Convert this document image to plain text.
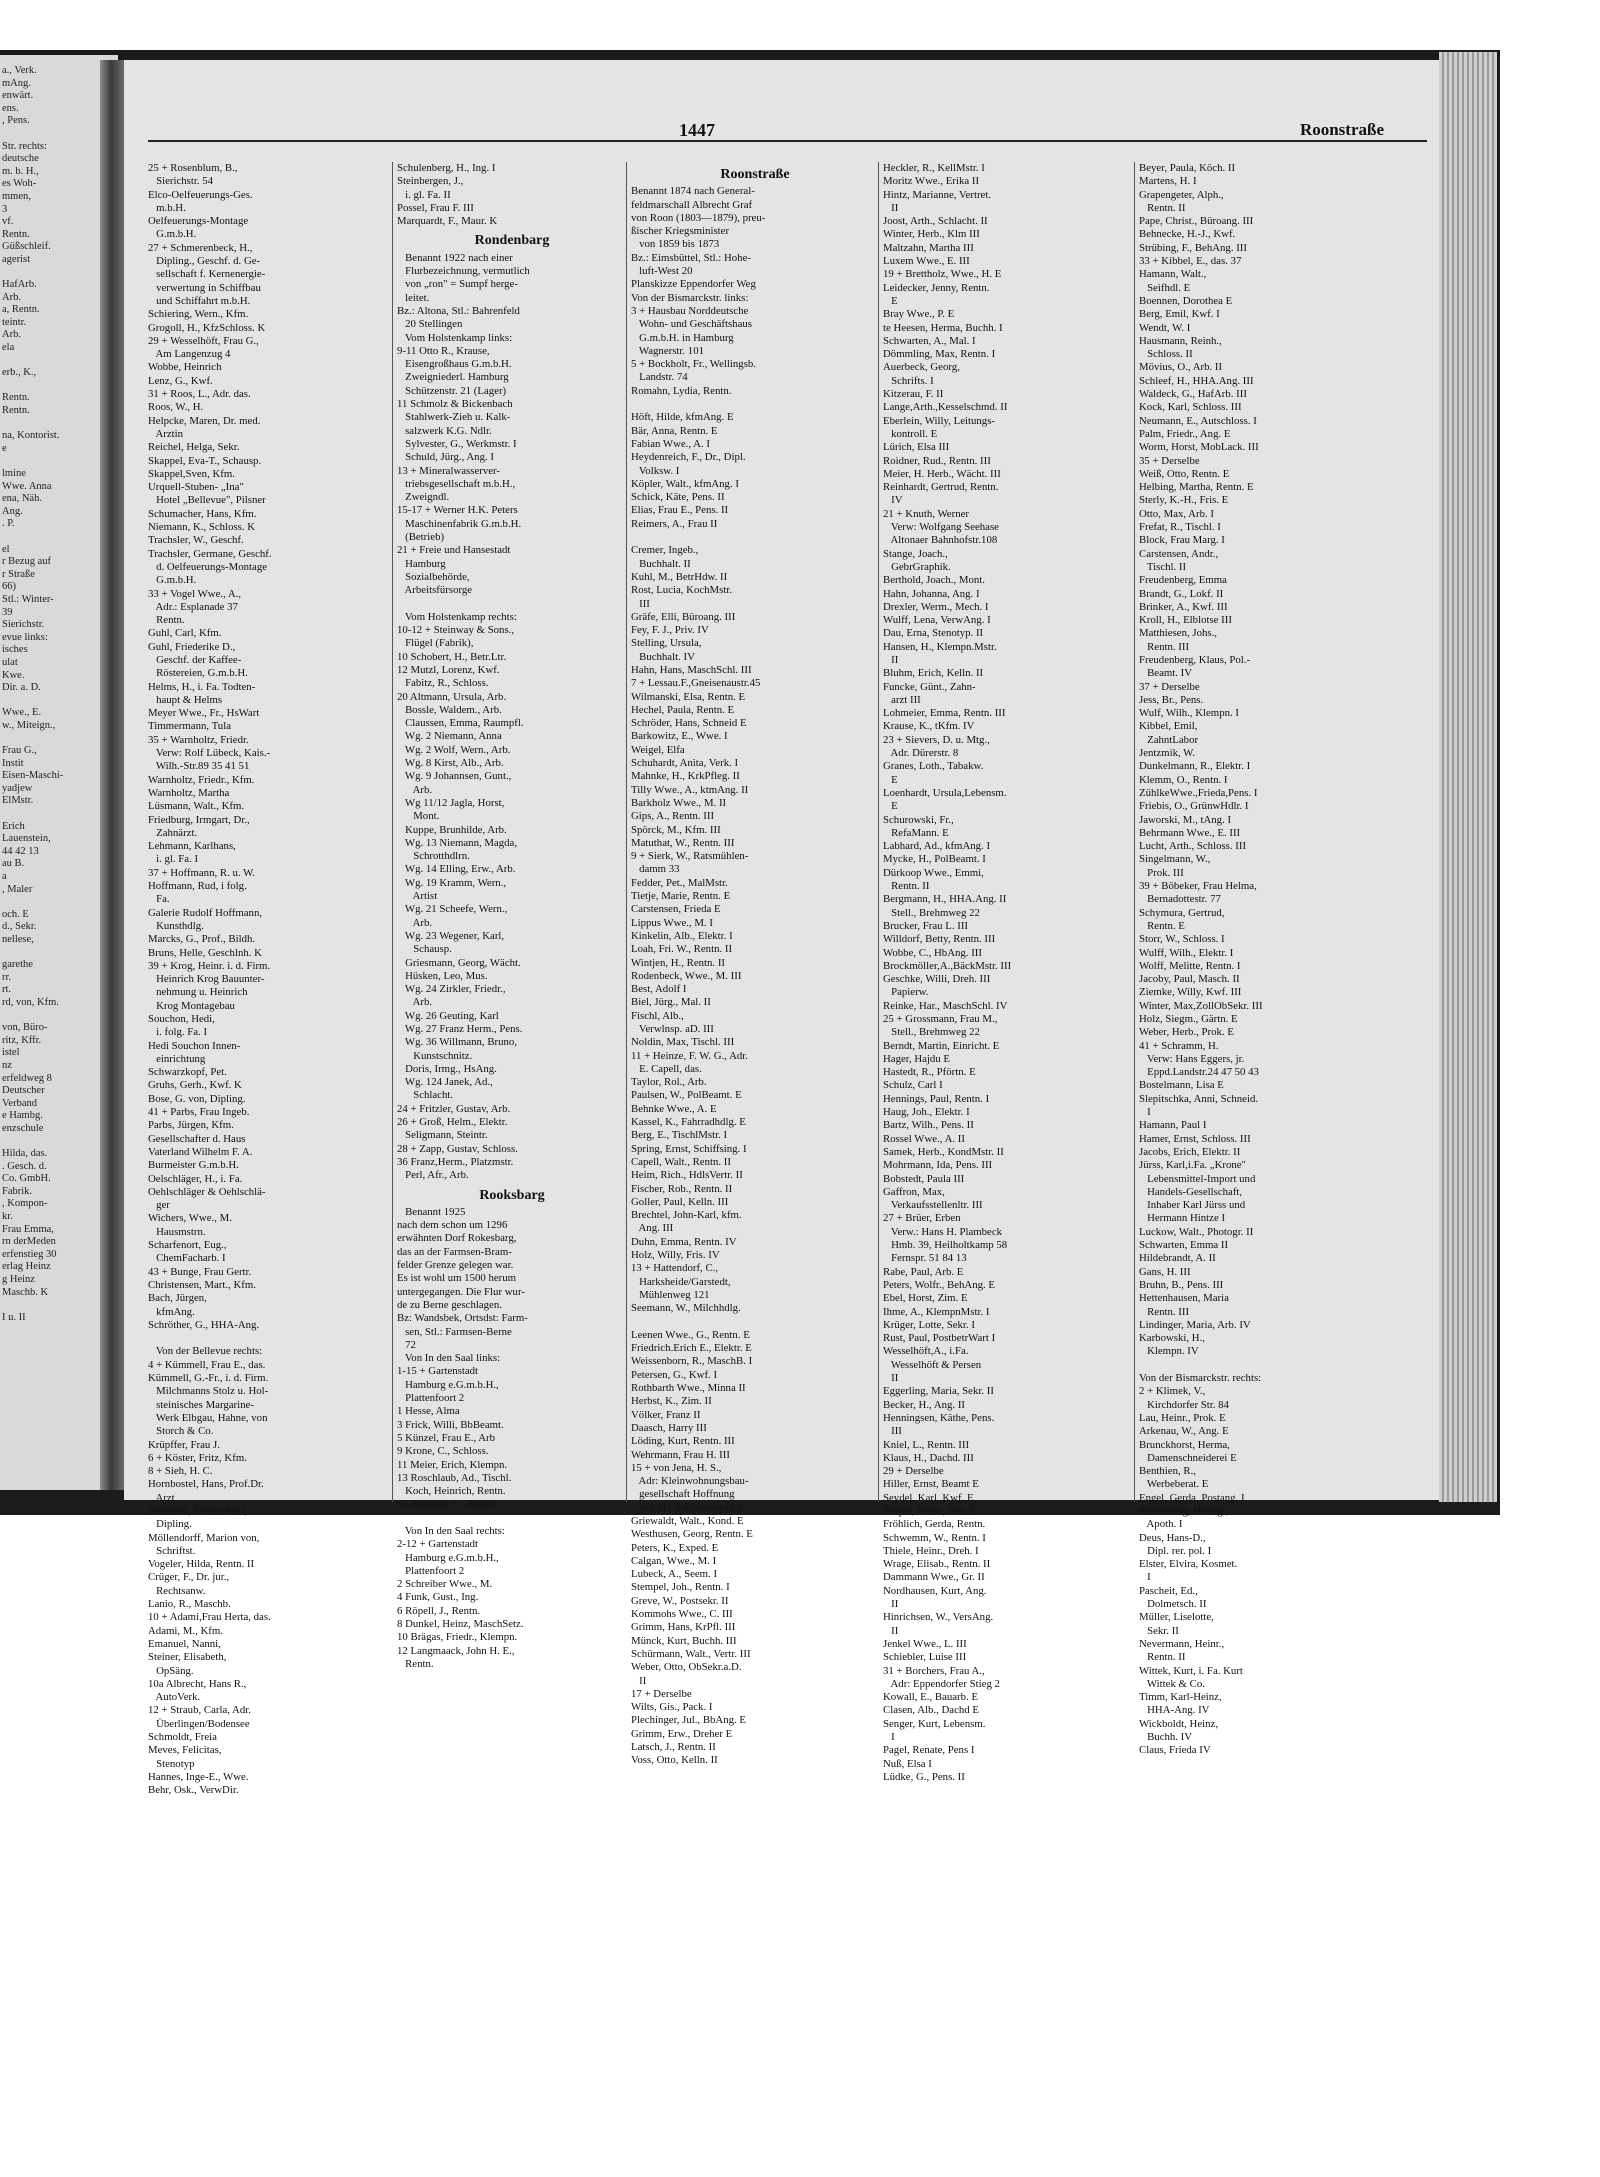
a., Verk.
mAng.
enwärt.
ens.
, Pens.

Str. rechts:
deutsche
m. b. H.,
es Woh-
mmen,
3
vf.
Rentn.
Güßschleif.
agerist

HafArb.
Arb.
a, Rentn.
teintr.
Arb.
ela

erb., K.,

Rentn.
Rentn.

na, Kontorist.
e

lmine
Wwe. Anna
ena, Näh.
Ang.
. P.

el
r Bezug auf
r Straße
66)
Stl.: Winter-
39
Sierichstr.
evue links:
isches
ulat
Kwe.
Dir. a. D.

Wwe., E.
w., Miteign.,

Frau G.,
Instit
Eisen-Maschi-
yadjew
ElMstr.

Erich
Lauenstein,
44 42 13
au B.
a
, Maler

och. E
d., Sekr.
nellese,

garethe
rr.
rt.
rd, von, Kfm.

von, Büro-
ritz, Kffr.
istel
nz
erfeldweg 8
Deutscher
Verband
e Hambg.
enzschule

Hilda, das.
. Gesch. d.
Co. GmbH.
Fabrik.
, Kompon-
kr.
Frau Emma,
rn derMeden
erfenstieg 30
erlag Heinz
g Heinz
Maschb. K

I u. II
1447	Roonstraße
25 + Rosenblum, B.,
Sierichstr. 54
Elco-Oelfeuerungs-Ges.
m.b.H.
Oelfeuerungs-Montage
G.m.b.H.
27 + Schmerenbeck, H.,
Dipling., Geschf. d. Ge-
sellschaft f. Kernenergie-
verwertung in Schiffbau
und Schiffahrt m.b.H.
Schiering, Wern., Kfm.
Grogoll, H., KfzSchloss. K
29 + Wesselhöft, Frau G.,
Am Langenzug 4
Wobbe, Heinrich
Lenz, G., Kwf.
31 + Roos, L., Adr. das.
Roos, W., H.
Helpcke, Maren, Dr. med.
Arztin
Reichel, Helga, Sekr.
Skappel, Eva-T., Schausp.
Skappel,Sven, Kfm.
Urquell-Stuben- „Ina"
Hotel „Bellevue", Pilsner
Schumacher, Hans, Kfm.
Niemann, K., Schloss. K
Trachsler, W., Geschf.
Trachsler, Germane, Geschf.
d. Oelfeuerungs-Montage
G.m.b.H.
33 + Vogel Wwe., A.,
Adr.: Esplanade 37
Rentn.
Guhl, Carl, Kfm.
Guhl, Friederike D.,
Geschf. der Kaffee-
Röstereien, G.m.b.H.
Helms, H., i. Fa. Todten-
haupt & Helms
Meyer Wwe., Fr., HsWart
Timmermann, Tula
35 + Warnholtz, Friedr.
Verw: Rolf Lübeck, Kais.-
Wilh.-Str.89 35 41 51
Warnholtz, Friedr., Kfm.
Warnholtz, Martha
Lüsmann, Walt., Kfm.
Friedburg, Irmgart, Dr.,
Zahnärzt.
Lehmann, Karlhans,
i. gl. Fa. I
37 + Hoffmann, R. u. W.
Hoffmann, Rud, i folg.
Fa.
Galerie Rudolf Hoffmann,
Kunsthdlg.
Marcks, G., Prof., Bildh.
Bruns, Helle, Geschlnh. K
39 + Krog, Heinr. i. d. Firm.
Heinrich Krog Bauunter-
nehmung u. Heinrich
Krog Montagebau
Souchon, Hedi,
i. folg. Fa. I
Hedi Souchon Innen-
einrichtung
Schwarzkopf, Pet.
Gruhs, Gerh., Kwf. K
Bose, G. von, Dipling.
41 + Parbs, Frau Ingeb.
Parbs, Jürgen, Kfm.
Gesellschafter d. Haus
Vaterland Wilhelm F. A.
Burmeister G.m.b.H.
Oelschläger, H., i. Fa.
Oehlschläger & Oehlschlä-
ger
Wichers, Wwe., M.
Hausmstrn.
Scharfenort, Eug.,
ChemFacharb. I
43 + Bunge, Frau Gertr.
Christensen, Mart., Kfm.
Bach, Jürgen,
kfmAng.
Schröther, G., HHA-Ang.

Von der Bellevue rechts:
4 + Kümmell, Frau E., das.
Kümmell, G.-Fr., i. d. Firm.
Milchmanns Stolz u. Hol-
steinisches Margarine-
Werk Elbgau, Hahne, von
Storch & Co.
Krüpffer, Frau J.
6 + Köster, Fritz, Kfm.
8 + Sieh, H. C.
Hornbostel, Hans, Prof.Dr.
Arzt
Scheibitz, Friedr.-Karl,
Dipling.
Möllendorff, Marion von,
Schriftst.
Vogeler, Hilda, Rentn. II
Crüger, F., Dr. jur.,
Rechtsanw.
Lanio, R., Maschb.
10 + Adami,Frau Herta, das.
Adami, M., Kfm.
Emanuel, Nanni,
Steiner, Elisabeth,
OpSäng.
10a Albrecht, Hans R.,
AutoVerk.
12 + Straub, Carla, Adr.
Überlingen/Bodensee
Schmoldt, Freia
Meves, Felicitas,
Stenotyp
Hannes, Inge-E., Wwe.
Behr, Osk., VerwDir.
Schulenberg, H., Ing. I
Steinbergen, J.,
i. gl. Fa. II
Possel, Frau F. III
Marquardt, F., Maur. K

Rondenbarg
Benannt 1922 nach einer
Flurbezeichnung, vermutlich
von „ron" = Sumpf herge-
leitet.
Bz.: Altona, Stl.: Bahrenfeld
20 Stellingen
Vom Holstenkamp links:
9-11 Otto R., Krause,
Eisengroßhaus G.m.b.H.
Zweigniederl. Hamburg
Schützenstr. 21 (Lager)
11 Schmolz & Bickenbach
Stahlwerk-Zieh u. Kalk-
salzwerk K.G. Ndlr.
Sylvester, G., Werkmstr. I
Schuld, Jürg., Ang. I
13 + Mineralwasserver-
triebsgesellschaft m.b.H.,
Zweigndl.
15-17 + Werner H.K. Peters
Maschinenfabrik G.m.b.H.
(Betrieb)
21 + Freie und Hansestadt
Hamburg
Sozialbehörde,
Arbeitsfürsorge

Vom Holstenkamp rechts:
10-12 + Steinway & Sons.,
Flügel (Fabrik),
10 Schobert, H., Betr.Ltr.
12 Mutzl, Lorenz, Kwf.
Fabitz, R., Schloss.
20 Altmann, Ursula, Arb.
Bossle, Waldem., Arb.
Claussen, Emma, Raumpfl.
Wg. 2 Niemann, Anna
Wg. 2 Wolf, Wern., Arb.
Wg. 8 Kirst, Alb., Arb.
Wg. 9 Johannsen, Gunt.,
Arb.
Wg 11/12 Jagla, Horst,
Mont.
Kuppe, Brunhilde, Arb.
Wg. 13 Niemann, Magda,
Schrotthdlrn.
Wg. 14 Elling, Erw., Arb.
Wg. 19 Kramm, Wern.,
Artist
Wg. 21 Scheefe, Wern.,
Arb.
Wg. 23 Wegener, Karl,
Schausp.
Griesmann, Georg, Wächt.
Hüsken, Leo, Mus.
Wg. 24 Zirkler, Friedr.,
Arb.
Wg. 26 Geuting, Karl
Wg. 27 Franz Herm., Pens.
Wg. 36 Willmann, Bruno,
Kunstschnitz.
Doris, Irmg., HsAng.
Wg. 124 Janek, Ad.,
Schlacht.
24 + Fritzler, Gustav, Arb.
26 + Groß, Helm., Elektr.
Seligmann, Steintr.
28 + Zapp, Gustav, Schloss.
36 Franz,Herm., Platzmstr.
Perl, Afr., Arb.

Rooksbarg
Benannt 1925
nach dem schon um 1296
erwähnten Dorf Rokesbarg,
das an der Farmsen-Bram-
felder Grenze gelegen war.
Es ist wohl um 1500 herum
untergegangen. Die Flur wur-
de zu Berne geschlagen.
Bz: Wandsbek, Ortsdst: Farm-
sen, Stl.: Farmsen-Berne
72
Von In den Saal links:
1-15 + Gartenstadt
Hamburg e.G.m.b.H.,
Plattenfoort 2
1 Hesse, Alma
3 Frick, Willi, BbBeamt.
5 Künzel, Frau E., Arb
9 Krone, C., Schloss.
11 Meier, Erich, Klempn.
13 Roschlaub, Ad., Tischl.
Koch, Heinrich, Rentn.
15 Reichelt, E., Rentn.

Von In den Saal rechts:
2-12 + Gartenstadt
Hamburg e.G.m.b.H.,
Plattenfoort 2
2 Schreiber Wwe., M.
4 Funk, Gust., Ing.
6 Röpell, J., Rentn.
8 Dunkel, Heinz, MaschSetz.
10 Brägas, Friedr., Klempn.
12 Langmaack, John H. E.,
Rentn.
Roonstraße
Benannt 1874 nach General-
feldmarschall Albrecht Graf
von Roon (1803—1879), preu-
ßischer Kriegsminister
von 1859 bis 1873
Bz.: Eimsbüttel, Stl.: Hohe-
luft-West 20
Planskizze Eppendorfer Weg
Von der Bismarckstr. links:
3 + Hausbau Norddeutsche
Wohn- und Geschäftshaus
G.m.b.H. in Hamburg
Wagnerstr. 101
5 + Bockholt, Fr., Wellingsb.
Landstr. 74
Romahn, Lydia, Rentn.

Höft, Hilde, kfmAng. E
Bär, Anna, Rentn. E
Fabian Wwe., A. I
Heydenreich, F., Dr., Dipl.
Volksw. I
Köpler, Walt., kfmAng. I
Schick, Käte, Pens. II
Elias, Frau E., Pens. II
Reimers, A., Frau II

Cremer, Ingeb.,
Buchhalt. II
Kuhl, M., BetrHdw. II
Rost, Lucia, KochMstr.
III
Gräfe, Elli, Büroang. III
Fey, F. J., Priv. IV
Stelling, Ursula,
Buchhalt. IV
Hahn, Hans, MaschSchl. III
7 + Lessau.F.,Gneisenaustr.45
Wilmanski, Elsa, Rentn. E
Hechel, Paula, Rentn. E
Schröder, Hans, Schneid E
Barkowitz, E., Wwe. I
Weigel, Elfa
Schuhardt, Anita, Verk. I
Mahnke, H., KrkPfleg. II
Tilly Wwe., A., ktmAng. II
Barkholz Wwe., M. II
Gips, A., Rentn. III
Spörck, M., Kfm. III
Matuthat, W., Rentn. III
9 + Sierk, W., Ratsmühlen-
damm 33
Fedder, Pet., MalMstr.
Tietje, Marie, Rentn. E
Carstensen, Frieda E
Lippus Wwe., M. I
Kinkelin, Alb., Elektr. I
Loah, Fri. W., Rentn. II
Wintjen, H., Rentn. II
Rodenbeck, Wwe., M. III
Best, Adolf I
Biel, Jürg., Mal. II
Fischl, Alb.,
Verwlnsp. aD. III
Noldin, Max, Tischl. III
11 + Heinze, F. W. G., Adr.
E. Capell, das.
Taylor, Rol., Arb.
Paulsen, W., PolBeamt. E
Behnke Wwe., A. E
Kassel, K., Fahrradhdlg. E
Berg, E., TischlMstr. I
Spring, Ernst, Schiffsing. I
Capell, Walt., Rentn. II
Heim, Rich., HdlsVertr. II
Fischer, Rob., Rentn. II
Goller, Paul, Kelln. III
Brechtel, John-Karl, kfm.
Ang. III
Duhn, Emma, Rentn. IV
Holz, Willy, Fris. IV
13 + Hattendorf, C.,
Harksheide/Garstedt,
Mühlenweg 121
Seemann, W., Milchhdlg.

Leenen Wwe., G., Rentn. E
Friedrich.Erich E., Elektr. E
Weissenborn, R., MaschB. I
Petersen, G., Kwf. I
Rothbarth Wwe., Minna II
Herbst, K., Zim. II
Völker, Franz II
Daasch, Harry III
Löding, Kurt, Rentn. III
Wehrmann, Frau H. III
15 + von Jena, H. S.,
Adr: Kleinwohnungsbau-
gesellschaft Hoffnung
m.b.H., Rathausmarkt 4
Griewaldt, Walt., Kond. E
Westhusen, Georg, Rentn. E
Peters, K., Exped. E
Calgan, Wwe., M. I
Lubeck, A., Seem. I
Stempel, Joh., Rentn. I
Greve, W., Postsekr. II
Kommohs Wwe., C. III
Grimm, Hans, KrPfl. III
Münck, Kurt, Buchh. III
Schürmann, Walt., Vertr. III
Weber, Otto, ObSekr.a.D.
II
17 + Derselbe
Wilts, Gis., Pack. I
Plechinger, Jul., BbAng. E
Grimm, Erw., Dreher E
Latsch, J., Rentn. II
Voss, Otto, Kelln. II
Heckler, R., KellMstr. I
Moritz Wwe., Erika II
Hintz, Marianne, Vertret.
II
Joost, Arth., Schlacht. II
Winter, Herb., Klm III
Maltzahn, Martha III
Luxem Wwe., E. III
19 + Brettholz, Wwe., H. E
Leidecker, Jenny, Rentn.
E
Bray Wwe., P. E
te Heesen, Herma, Buchh. I
Schwarten, A., Mal. I
Dömmling, Max, Rentn. I
Auerbeck, Georg,
Schrifts. I
Kitzerau, F. II
Lange,Arth.,Kesselschmd. II
Eberlein, Willy, Leitungs-
kontroll. E
Lürich, Elsa III
Roidner, Rud., Rentn. III
Meier, H. Herb., Wächt. III
Reinhardt, Gertrud, Rentn.
IV
21 + Knuth, Werner
Verw: Wolfgang Seehase
Altonaer Bahnhofstr.108
Stange, Joach.,
GebrGraphik.
Berthold, Joach., Mont.
Hahn, Johanna, Ang. I
Drexler, Werm., Mech. I
Wulff, Lena, VerwAng. I
Dau, Erna, Stenotyp. II
Hansen, H., Klempn.Mstr.
II
Bluhm, Erich, Kelln. II
Funcke, Günt., Zahn-
arzt III
Lohmeier, Emma, Rentn. III
Krause, K., tKfm. IV
23 + Sievers, D. u. Mtg.,
Adr. Dürerstr. 8
Granes, Loth., Tabakw.
E
Loenhardt, Ursula,Lebensm.
E
Schurowski, Fr.,
RefaMann. E
Labhard, Ad., kfmAng. I
Mycke, H., PolBeamt. I
Dürkoop Wwe., Emmi,
Rentn. II
Bergmann, H., HHA.Ang. II
Stell., Brehmweg 22
Brucker, Frau L. III
Willdorf, Betty, Rentn. III
Wobbe, C., HbAng. III
Brockmöller,A.,BäckMstr. III
Geschke, Willi, Dreh. III
Papierw.
Reinke, Har., MaschSchl. IV
25 + Grossmann, Frau M.,
Stell., Brehmweg 22
Berndt, Martin, Einricht. E
Hager, Hajdu E
Hastedt, R., Pförtn. E
Schulz, Carl I
Hennings, Paul, Rentn. I
Haug, Joh., Elektr. I
Bartz, Wilh., Pens. II
Rossel Wwe., A. II
Samek, Herb., KondMstr. II
Mohrmann, Ida, Pens. III
Bobstedt, Paula III
Gaffron, Max,
Verkaufsstellenltr. III
27 + Brüer, Erben
Verw.: Hans H. Plambeck
Hmb. 39, Heilholtkamp 58
Fernspr. 51 84 13
Rabe, Paul, Arb. E
Peters, Wolfr., BehAng. E
Ebel, Horst, Zim. E
Ihme, A., KlempnMstr. I
Krüger, Lotte, Sekr. I
Rust, Paul, PostbetrWart I
Wesselhöft,A., i.Fa.
Wesselhöft & Persen
II
Eggerling, Maria, Sekr. II
Becker, H., Ang. II
Henningsen, Käthe, Pens.
III
Kniel, L., Rentn. III
Klaus, H., Dachd. III
29 + Derselbe
Hiller, Ernst, Beamt E
Seydel, Karl, Kwf. E
Niepel, Wern., Arb. E
Fröhlich, Gerda, Rentn.
Schwemm, W., Rentn. I
Thiele, Heinr., Dreh. I
Wrage, Elisab., Rentn. II
Dammann Wwe., Gr. II
Nordhausen, Kurt, Ang.
II
Hinrichsen, W., VersAng.
II
Jenkel Wwe., L. III
Schiebler, Luise III
31 + Borchers, Frau A.,
Adr: Eppendorfer Stieg 2
Kowall, E., Bauarb. E
Clasen, Alb., Dachd E
Senger, Kurt, Lebensm.
I
Pagel, Renate, Pens I
Nuß, Elsa I
Lüdke, G., Pens. II
Beyer, Paula, Köch. II
Martens, H. I
Grapengeter, Alph.,
Rentn. II
Pape, Christ., Büroang. III
Behnecke, H.-J., Kwf.
Strübing, F., BehAng. III
33 + Kibbel, E., das. 37
Hamann, Walt.,
Seifhdl. E
Boennen, Dorothea E
Berg, Emil, Kwf. I
Wendt, W. I
Hausmann, Reinh.,
Schloss. II
Mövius, O., Arb. II
Schleef, H., HHA.Ang. III
Waldeck, G., HafArb. III
Kock, Karl, Schloss. III
Neumann, E., Autschloss. I
Palm, Friedr., Ang. E
Worm, Horst, MobLack. III
35 + Derselbe
Weiß, Otto, Rentn. E
Helbing, Martha, Rentn. E
Sterly, K.-H., Fris. E
Otto, Max, Arb. I
Frefat, R., Tischl. I
Block, Frau Marg. I
Carstensen, Andr.,
Tischl. II
Freudenberg, Emma
Brandt, G., Lokf. II
Brinker, A., Kwf. III
Kroll, H., Elblotse III
Matthiesen, Johs.,
Rentn. III
Freudenberg, Klaus, Pol.-
Beamt. IV
37 + Derselbe
Jess, Br., Pens.
Wulf, Wilh., Klempn. I
Kibbel, Emil,
ZahntLabor
Jentzmik, W.
Dunkelmann, R., Elektr. I
Klemm, O., Rentn. I
ZühlkeWwe.,Frieda,Pens. I
Friebis, O., GrünwHdlr. I
Jaworski, M., tAng. I
Behrmann Wwe., E. III
Lucht, Arth., Schloss. III
Singelmann, W.,
Prok. III
39 + Böbeker, Frau Helma,
Bernadottestr. 77
Schymura, Gertrud,
Rentn. E
Storr, W., Schloss. I
Wulff, Wilh., Elektr. I
Wolff, Melitte, Rentn. I
Jacoby, Paul, Masch. II
Ziemke, Willy, Kwf. III
Winter, Max,ZollObSekr. III
Holz, Siegm., Gärtn. E
Weber, Herb., Prok. E
41 + Schramm, H.
Verw: Hans Eggers, jr.
Eppd.Landstr.24 47 50 43
Bostelmann, Lisa E
Slepitschka, Anni, Schneid.
I
Hamann, Paul I
Hamer, Ernst, Schloss. III
Jacobs, Erich, Elektr. II
Jürss, Karl,i.Fa. „Krone"
Lebensmittel-Import und
Handels-Gesellschaft,
Inhaber Karl Jürss und
Hermann Hintze I
Luckow, Walt., Photogr. II
Schwarten, Emma II
Hildebrandt, A. II
Gans, H. III
Bruhn, B., Pens. III
Hettenhausen, Maria
Rentn. III
Lindinger, Maria, Arb. IV
Karbowski, H.,
Klempn. IV

Von der Bismarckstr. rechts:
2 + Klimek, V.,
Kirchdorfer Str. 84
Lau, Heinr., Prok. E
Arkenau, W., Ang. E
Brunckhorst, Herma,
Damenschneiderei E
Benthien, R.,
Werbeberat. E
Engel, Gerda, Postang. I
Schwarting, Hildeg.,
Apoth. I
Deus, Hans-D.,
Dipl. rer. pol. I
Elster, Elvira, Kosmet.
I
Pascheit, Ed.,
Dolmetsch. II
Müller, Liselotte,
Sekr. II
Nevermann, Heinr.,
Rentn. II
Wittek, Kurt, i. Fa. Kurt
Wittek & Co.
Timm, Karl-Heinz,
HHA-Ang. IV
Wickboldt, Heinz,
Buchh. IV
Claus, Frieda IV
